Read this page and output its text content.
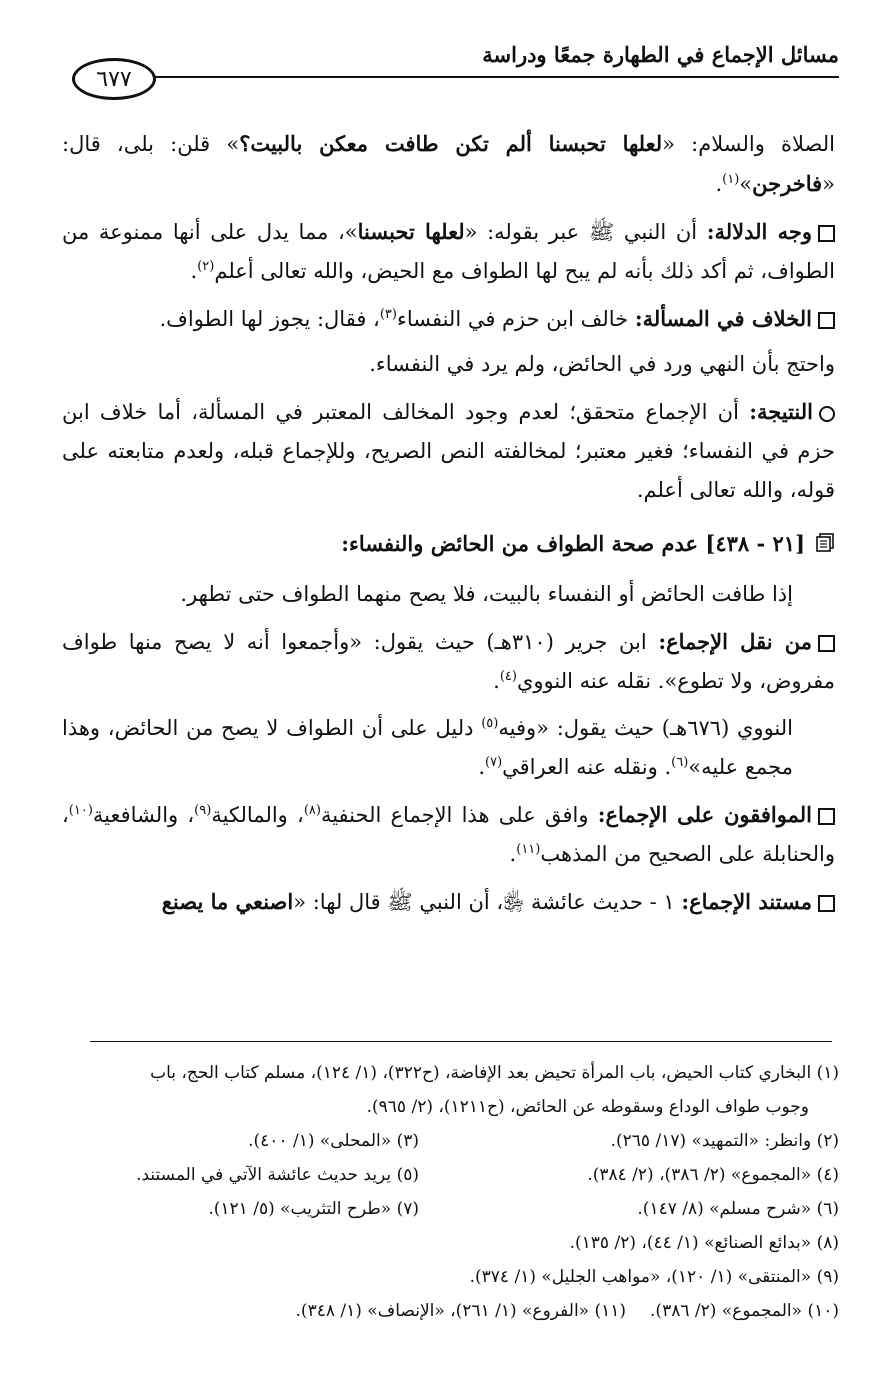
مسائل الإجماع في الطهارة جمعًا ودراسة
٦٧٧

الصلاة والسلام: «لعلها تحبسنا ألم تكن طافت معكن بالبيت؟» قلن: بلى، قال: «فاخرجن»$^{(١)}$.

وجه الدلالة: أن النبي ﷺ عبر بقوله: «لعلها تحبسنا»، مما يدل على أنها ممنوعة من الطواف، ثم أكد ذلك بأنه لم يبح لها الطواف مع الحيض، والله تعالى أعلم$^{(٢)}$.

الخلاف في المسألة: خالف ابن حزم في النفساء$^{(٣)}$، فقال: يجوز لها الطواف.

واحتج بأن النهي ورد في الحائض، ولم يرد في النفساء.

النتيجة: أن الإجماع متحقق؛ لعدم وجود المخالف المعتبر في المسألة، أما خلاف ابن حزم في النفساء؛ فغير معتبر؛ لمخالفته النص الصريح، وللإجماع قبله، ولعدم متابعته على قوله، والله تعالى أعلم.

[٢١ - ٤٣٨] عدم صحة الطواف من الحائض والنفساء:

إذا طافت الحائض أو النفساء بالبيت، فلا يصح منهما الطواف حتى تطهر.

من نقل الإجماع: ابن جرير (٣١٠هـ) حيث يقول: «وأجمعوا أنه لا يصح منها طواف مفروض، ولا تطوع». نقله عنه النووي$^{(٤)}$.

النووي (٦٧٦هـ) حيث يقول: «وفيه$^{(٥)}$ دليل على أن الطواف لا يصح من الحائض، وهذا مجمع عليه»$^{(٦)}$. ونقله عنه العراقي$^{(٧)}$.

الموافقون على الإجماع: وافق على هذا الإجماع الحنفية$^{(٨)}$، والمالكية$^{(٩)}$، والشافعية$^{(١٠)}$، والحنابلة على الصحيح من المذهب$^{(١١)}$.

مستند الإجماع: ١ - حديث عائشة ﵂، أن النبي ﷺ قال لها: «اصنعي ما يصنع

(١) البخاري كتاب الحيض، باب المرأة تحيض بعد الإفاضة، (ح٣٢٢)، (١/ ١٢٤)، مسلم كتاب الحج، باب
وجوب طواف الوداع وسقوطه عن الحائض، (ح١٢١١)، (٢/ ٩٦٥).
(٢) وانظر: «التمهيد» (١٧/ ٢٦٥).
(٣) «المحلى» (١/ ٤٠٠).
(٤) «المجموع» (٢/ ٣٨٦)، (٢/ ٣٨٤).
(٥) يريد حديث عائشة الآتي في المستند.
(٦) «شرح مسلم» (٨/ ١٤٧).
(٧) «طرح التثريب» (٥/ ١٢١).
(٨) «بدائع الصنائع» (١/ ٤٤)، (٢/ ١٣٥).
(٩) «المنتقى» (١/ ١٢٠)، «مواهب الجليل» (١/ ٣٧٤).
(١٠) «المجموع» (٢/ ٣٨٦).
(١١) «الفروع» (١/ ٢٦١)، «الإنصاف» (١/ ٣٤٨).
